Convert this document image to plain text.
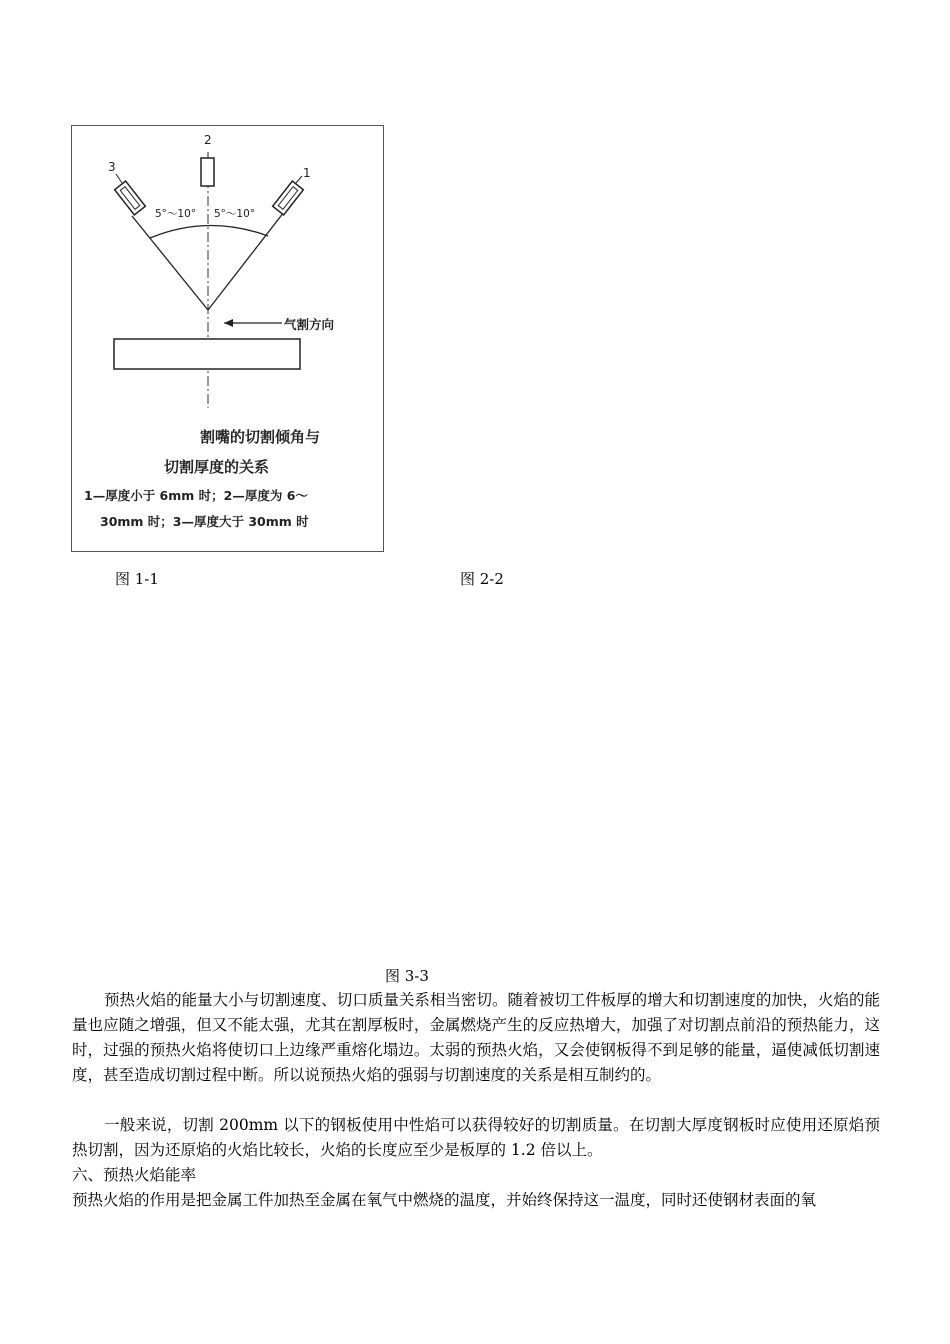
3
2
1
5°～10° 5°～10°
气割方向
割嘴的切割倾角与
切割厚度的关系
1—厚度小于 6mm 时；2—厚度为 6～
30mm 时；3—厚度大于 30mm 时
图 1-1	图 2-2
图 3-3

预热火焰的能量大小与切割速度、切口质量关系相当密切。随着被切工件板厚的增大和切割速度的加快，火焰的能量也应随之增强，但又不能太强，尤其在割厚板时，金属燃烧产生的反应热增大，加强了对切割点前沿的预热能力，这时，过强的预热火焰将使切口上边缘严重熔化塌边。太弱的预热火焰，又会使钢板得不到足够的能量，逼使减低切割速度，甚至造成切割过程中断。所以说预热火焰的强弱与切割速度的关系是相互制约的。

一般来说，切割 200mm 以下的钢板使用中性焰可以获得较好的切割质量。在切割大厚度钢板时应使用还原焰预热切割，因为还原焰的火焰比较长，火焰的长度应至少是板厚的 1.2 倍以上。

六、预热火焰能率

预热火焰的作用是把金属工件加热至金属在氧气中燃烧的温度，并始终保持这一温度，同时还使钢材表面的氧
